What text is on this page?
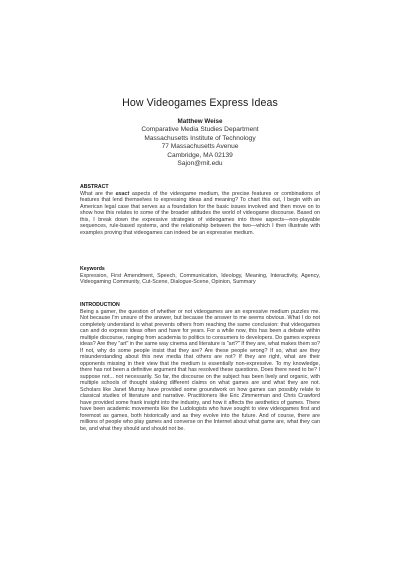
How Videogames Express Ideas
Matthew Weise
Comparative Media Studies Department
Massachusetts Institute of Technology
77 Massachusetts Avenue
Cambridge, MA 02139
Sajon@mit.edu
ABSTRACT
What are the exact aspects of the videogame medium, the precise features or combinations of features that lend themselves to expressing ideas and meaning? To chart this out, I begin with an American legal case that serves as a foundation for the basic issues involved and then move on to show how this relates to some of the broader attitudes the world of videogame discourse. Based on this, I break down the expressive strategies of videogames into three aspects—non-playable sequences, rule-based systems, and the relationship between the two—which I then illustrate with examples proving that videogames can indeed be an expressive medium.
Keywords
Expression, First Amendment, Speech, Communication, Ideology, Meaning, Interactivity, Agency, Videogaming Community, Cut-Scene, Dialogue-Scene, Opinion, Summary
INTRODUCTION
Being a gamer, the question of whether or not videogames are an expressive medium puzzles me. Not because I'm unsure of the answer, but because the answer to me seems obvious. What I do not completely understand is what prevents others from reaching the same conclusion: that videogames can and do express ideas often and have for years. For a while now, this has been a debate within multiple discourse, ranging from academia to politics to consumers to developers. Do games express ideas? Are they "art" in the same way cinema and literature is "art?" If they are, what makes them so? If not, why do some people insist that they are? Are these people wrong? If so, what are they misunderstanding about this new media that others are not? If they are right, what are their opponents missing in their view that the medium is essentially non-expressive. To my knowledge, there has not been a definitive argument that has resolved these questions. Does there need to be? I suppose not... not necessarily. So far, the discourse on the subject has been lively and organic, with multiple schools of thought staking different claims on what games are and what they are not. Scholars like Janet Murray have provided some groundwork on how games can possibly relate to classical studies of literature and narrative. Practitioners like Eric Zimmerman and Chris Crawford have provided some frank insight into the industry, and how it affects the aesthetics of games. There have been academic movements like the Ludologists who have sought to view videogames first and foremost as games, both historically and as they evolve into the future. And of course, there are millions of people who play games and converse on the Internet about what game are, what they can be, and what they should and should not be.
